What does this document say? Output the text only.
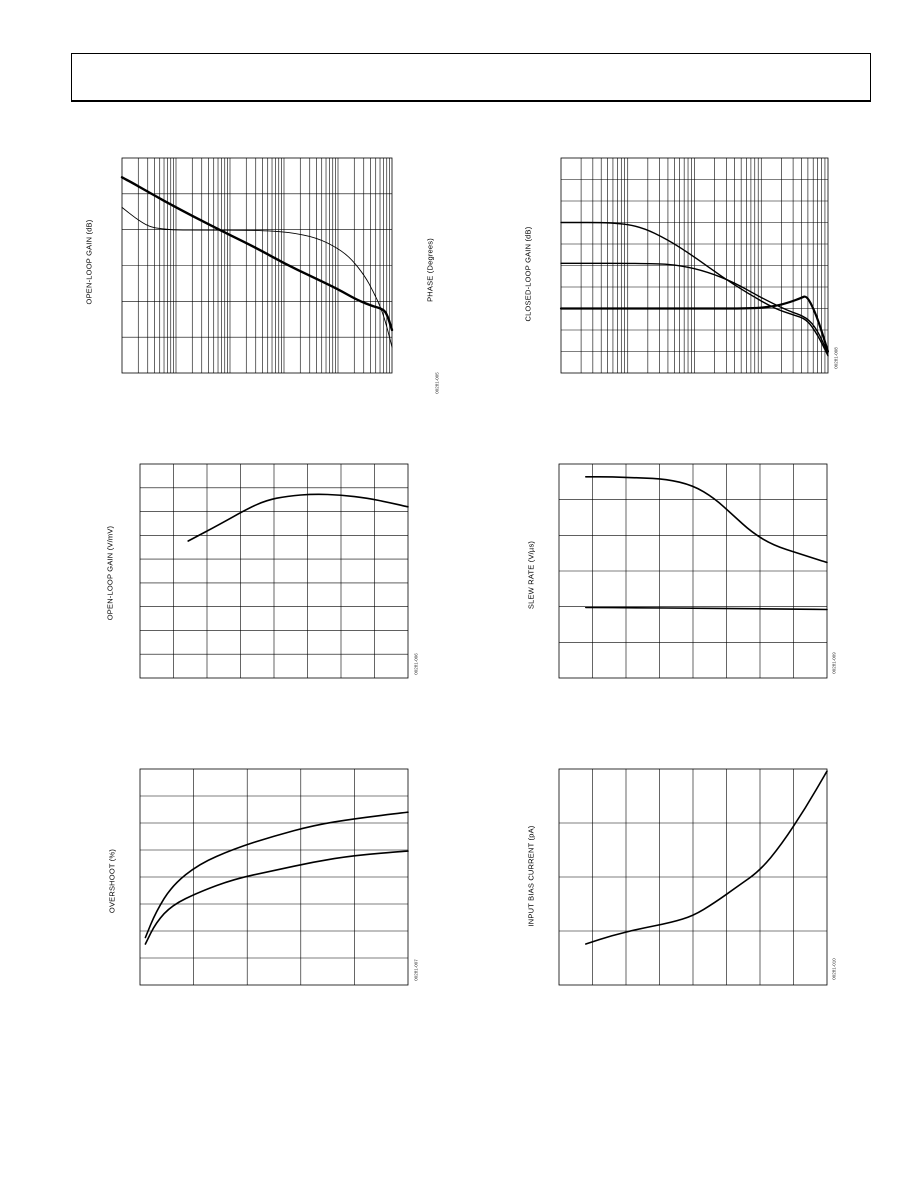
OPEN-LOOP GAIN (dB)	PHASE (Degrees)
00281-005
CLOSED-LOOP GAIN (dB)
00281-008
OPEN-LOOP GAIN (V/mV)
00281-006
SLEW RATE (V/µs)
00281-009
OVERSHOOT (%)
00281-007
INPUT BIAS CURRENT (pA)
00281-010
